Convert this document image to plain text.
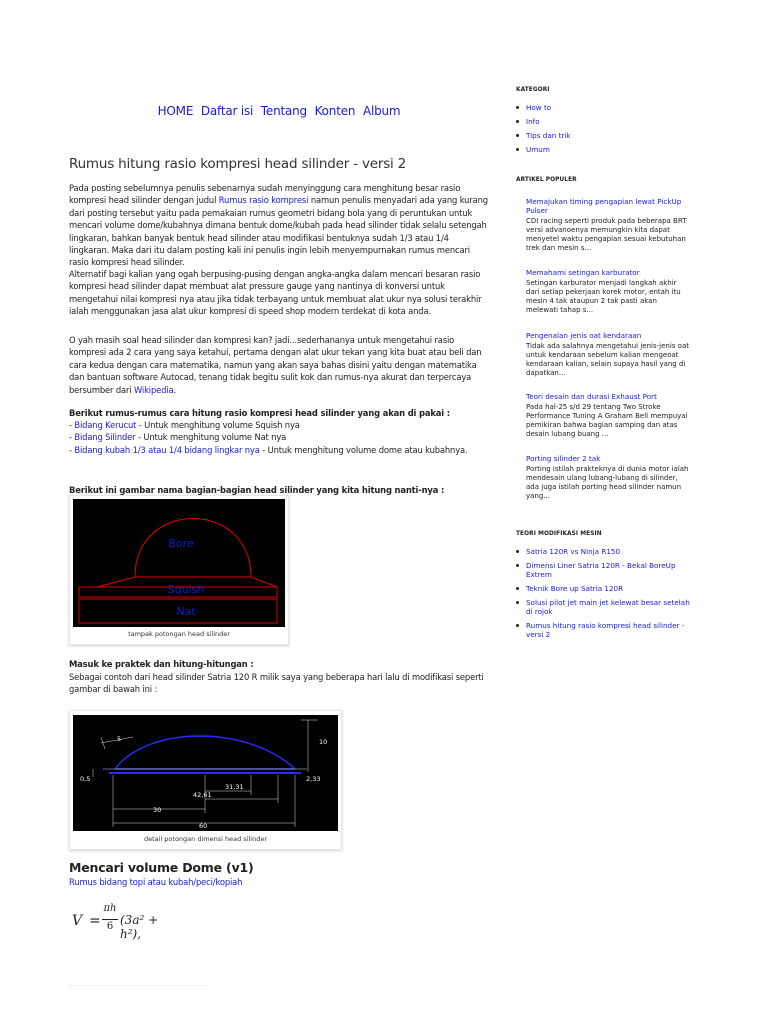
HOME Daftar isi Tentang Konten Album
Rumus hitung rasio kompresi head silinder - versi 2
Pada posting sebelumnya penulis sebenarnya sudah menyinggung cara menghitung besar rasio kompresi head silinder dengan judul Rumus rasio kompresi namun penulis menyadari ada yang kurang dari posting tersebut yaitu pada pemakaian rumus geometri bidang bola yang di peruntukan untuk mencari volume dome/kubahnya dimana bentuk dome/kubah pada head silinder tidak selalu setengah lingkaran, bahkan banyak bentuk head silinder atau modifikasi bentuknya sudah 1/3 atau 1/4 lingkaran. Maka dari itu dalam posting kali ini penulis ingin lebih menyempurnakan rumus mencari rasio kompresi head silinder.
Alternatif bagi kalian yang ogah berpusing-pusing dengan angka-angka dalam mencari besaran rasio kompresi head silinder dapat membuat alat pressure gauge yang nantinya di konversi untuk mengetahui nilai kompresi nya atau jika tidak terbayang untuk membuat alat ukur nya solusi terakhir ialah menggunakan jasa alat ukur kompresi di speed shop modern terdekat di kota anda.
O yah masih soal head silinder dan kompresi kan? jadi...sederhananya untuk mengetahui rasio kompresi ada 2 cara yang saya ketahui, pertama dengan alat ukur tekan yang kita buat atau beli dan cara kedua dengan cara matematika, namun yang akan saya bahas disini yaitu dengan matematika dan bantuan software Autocad, tenang tidak begitu sulit kok dan rumus-nya akurat dan terpercaya bersumber dari Wikipedia.
Berikut rumus-rumus cara hitung rasio kompresi head silinder yang akan di pakai :
- Bidang Kerucut - Untuk menghitung volume Squish nya
- Bidang Silinder - Untuk menghitung volume Nat nya
- Bidang kubah 1/3 atau 1/4 bidang lingkar nya - Untuk menghitung volume dome atau kubahnya.
Berikut ini gambar nama bagian-bagian head silinder yang kita hitung nanti-nya :
Bore
Squish
Nat
tampak potongan head silinder
Masuk ke praktek dan hitung-hitungan :
Sebagai contoh dari head silinder Satria 120 R milik saya yang beberapa hari lalu di modifikasi seperti gambar di bawah ini :
10
5
0,5	2,33
31,31
42,61
30
60
detail potongan dimensi head silinder
Mencari volume Dome (v1)
Rumus bidang topi atau kubah/peci/kopiah
V =
πh
6 (3a² + h²),
KATEGORI
How to
Info
Tips dan trik
Umum
ARTIKEL POPULER
Memajukan timing pengapian lewat PickUp Pulser
CDI racing seperti produk pada beberapa BRT versi advanoenya memungkin kita dapat menyetel waktu pengapian sesuai kebutuhan trek dan mesin s...
Memahami setingan karburator
Setingan karburator menjadi langkah akhir dari setiap pekerjaan korek motor, entah itu mesin 4 tak ataupun 2 tak pasti akan melewati tahap s...
Pengenalan jenis oat kendaraan
Tidak ada salahnya mengetahui jenis-jenis oat untuk kendaraan sebelum kalian mengeoat kendaraan kalian, selain supaya hasil yang di dapatkan...
Teori desain dan durasi Exhaust Port
Pada hal-25 s/d 29 tentang Two Stroke Performance Tuning A Graham Bell mempuyai pemikiran bahwa bagian samping dan atas desain lubang buang ...
Porting silinder 2 tak
Porting istilah prakteknya di dunia motor ialah mendesain ulang lubang-lubang di silinder, ada juga istilah porting head silinder namun yang...
TEORI MODIFIKASI MESIN
Satria 120R vs Ninja R150
Dimensi Liner Satria 120R - Bekal BoreUp Extrem
Teknik Bore up Satria 120R
Solusi pilot jet main jet kelewat besar setelah di rojok
Rumus hitung rasio kompresi head silinder - versi 2
